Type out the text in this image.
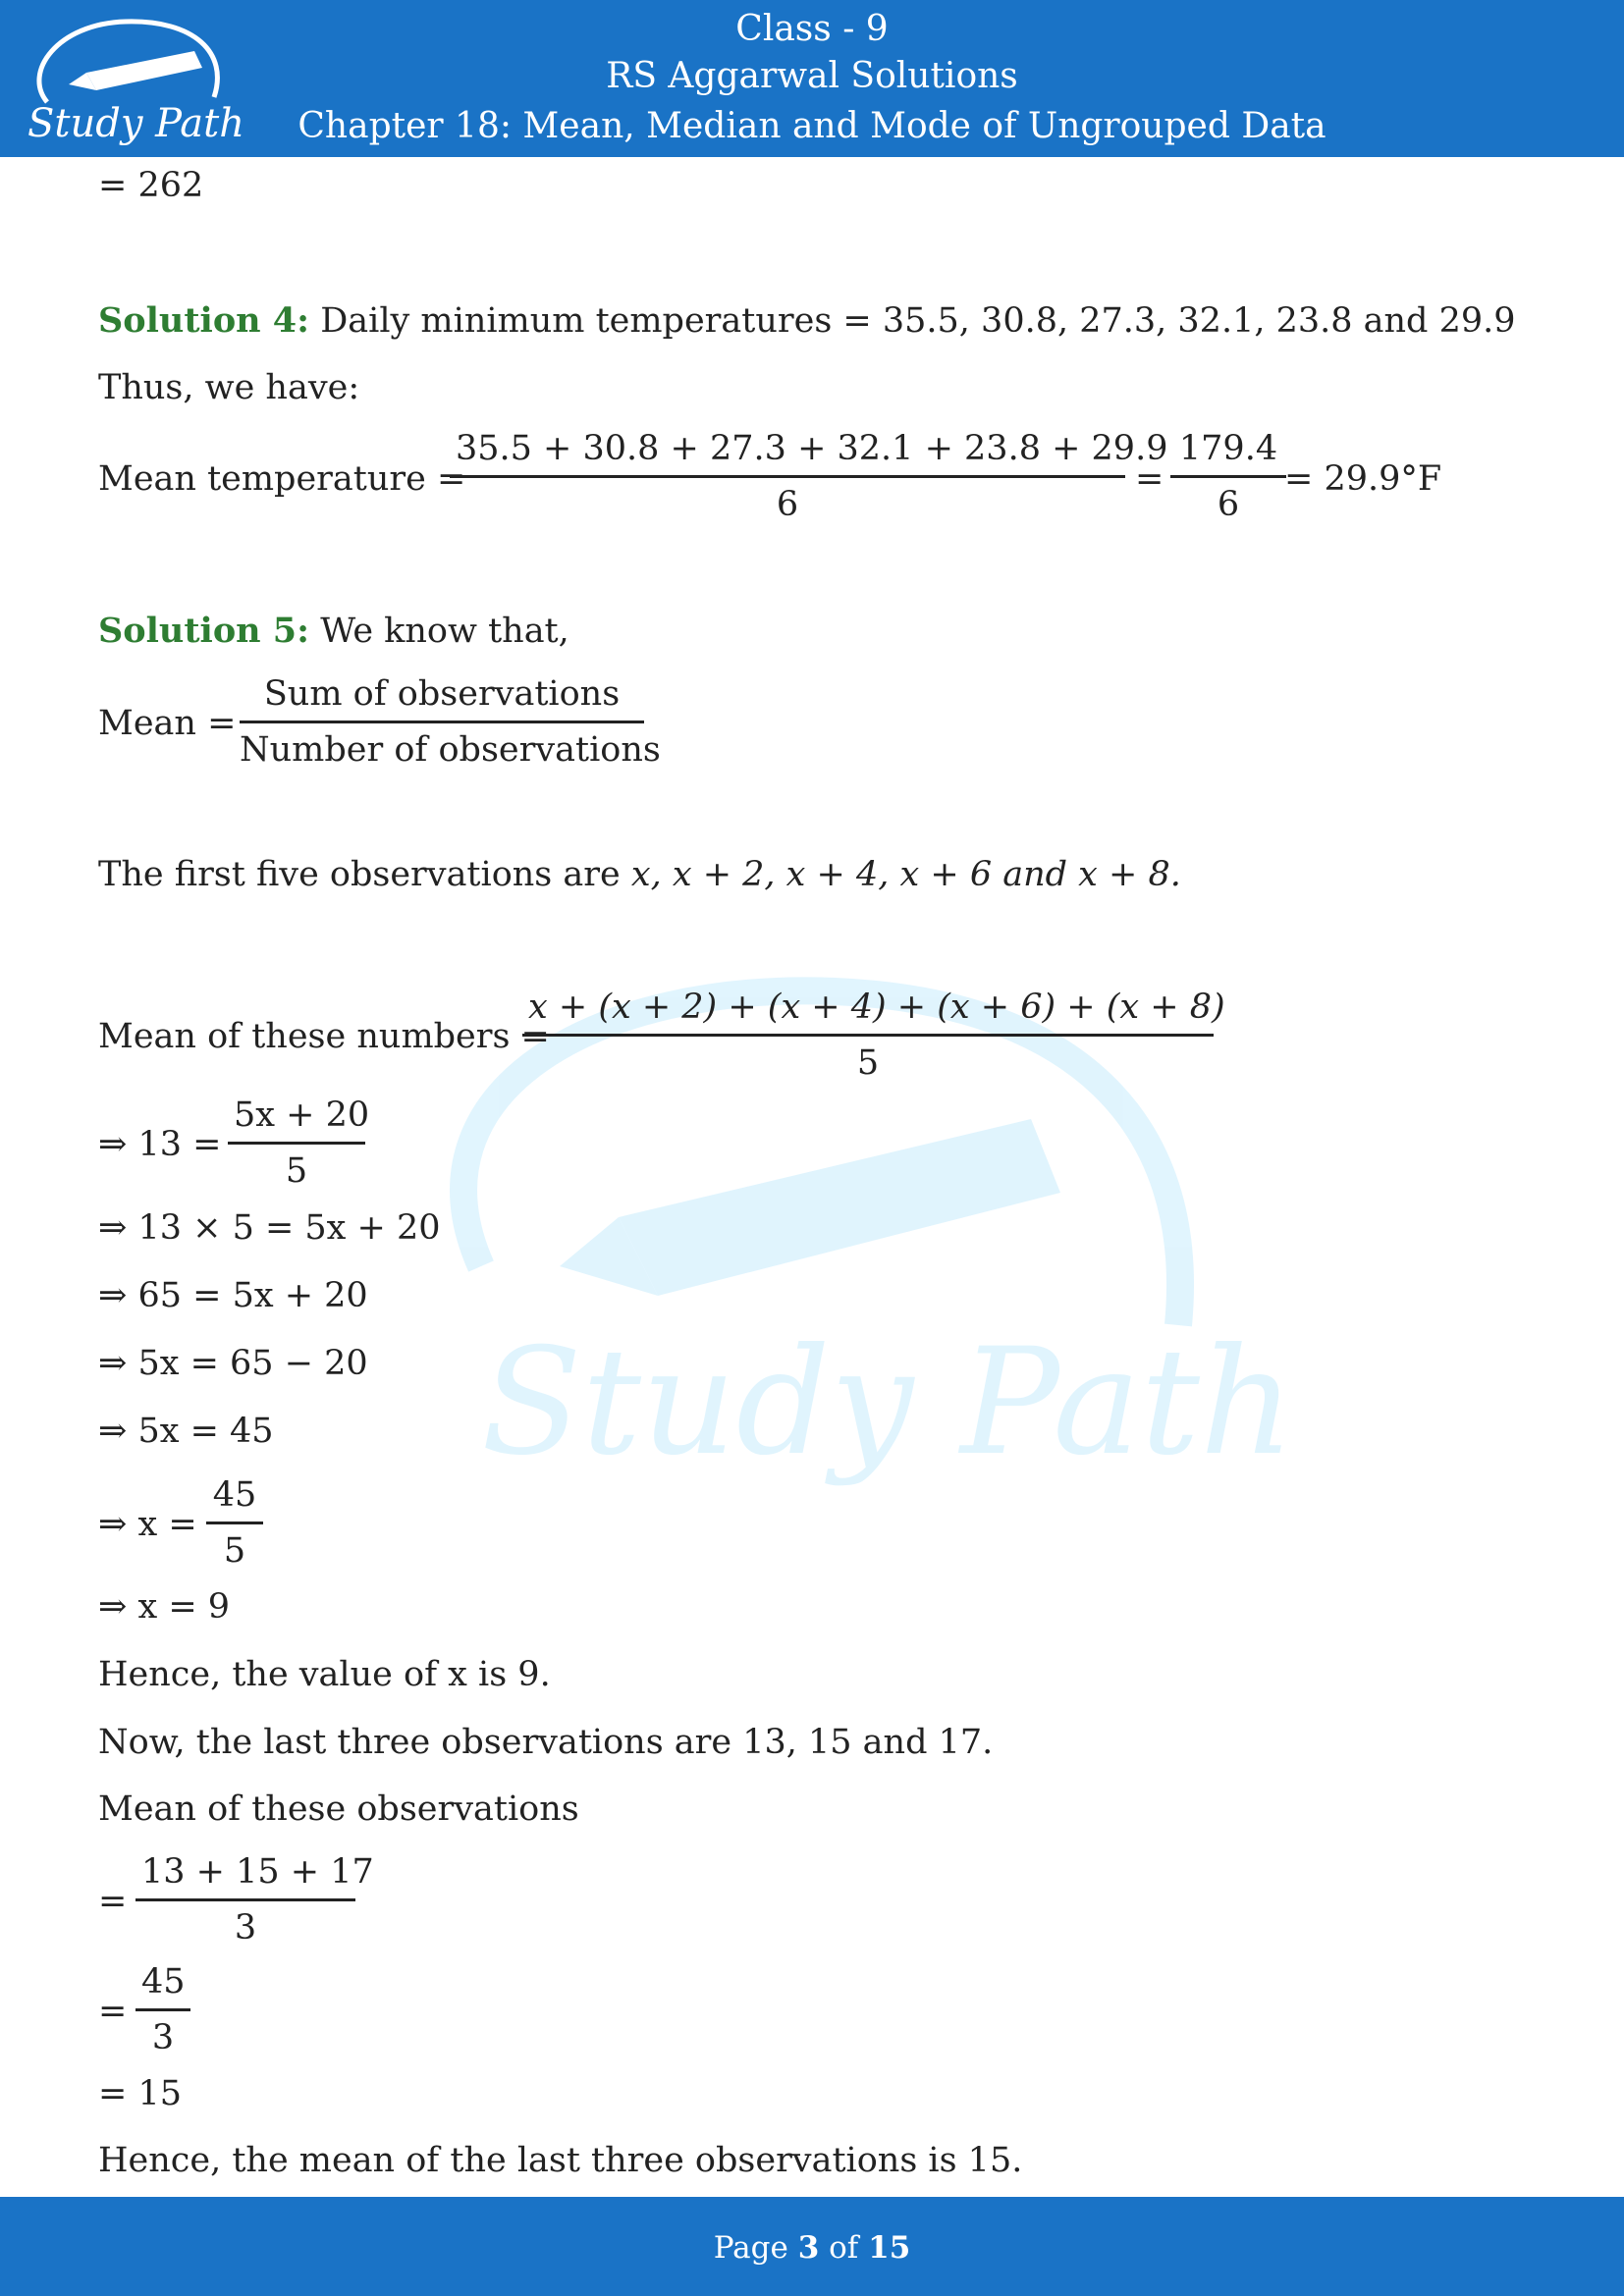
Study Path
Class - 9
RS Aggarwal Solutions
Chapter 18: Mean, Median and Mode of Ungrouped Data
Study Path
= 262
Solution 4: Daily minimum temperatures = 35.5, 30.8, 27.3, 32.1, 23.8 and 29.9
Thus, we have:
Mean temperature =
$\frac{35.5 + 30.8 + 27.3 + 32.1 + 23.8 + 29.9}{6} = \frac{179.4}{6}$
= 29.9°F
Solution 5: We know that,
Mean =
Sum of observations
Number of observations
The first five observations are x, x + 2, x + 4, x + 6 and x + 8.
Mean of these numbers =
$\frac{x + (x + 2) + (x + 4) + (x + 6) + (x + 8)}{5}$
⇒ $13 = \frac{5x + 20}{5}$
⇒ 13 × 5 = 5x + 20
⇒ 65 = 5x + 20
⇒ 5x = 65 − 20
⇒ 5x = 45
⇒ $x = \frac{45}{5}$
⇒ x = 9
Hence, the value of x is 9.
Now, the last three observations are 13, 15 and 17.
Mean of these observations
= $\frac{13 + 15 + 17}{3}$
= $\frac{45}{3}$
= 15
Hence, the mean of the last three observations is 15.
Page 3 of 15
